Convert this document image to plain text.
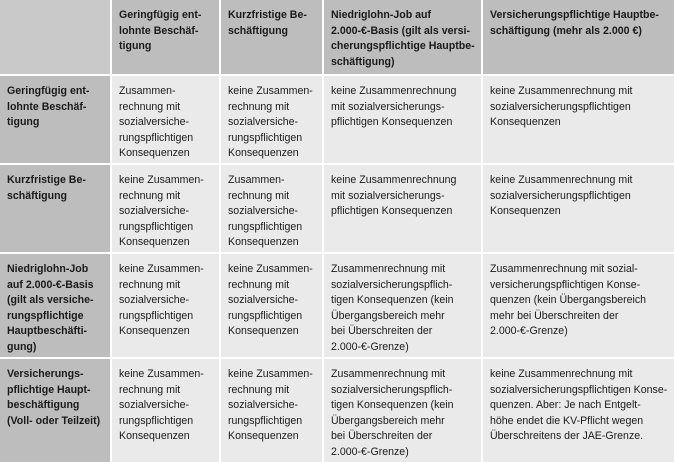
Geringfügig ent-
lohnte Beschäf-
tigung
Kurzfristige Be-
schäftigung
Niedriglohn-Job auf
2.000-€-Basis (gilt als versi-
cherungspflichtige Hauptbe-
schäftigung)
Versicherungspflichtige Hauptbe-
schäftigung (mehr als 2.000 €)
Geringfügig ent-
lohnte Beschäf-
tigung
Zusammen-
rechnung mit
sozialversiche-
rungspflichtigen
Konsequenzen
keine Zusammen-
rechnung mit
sozialversiche-
rungspflichtigen
Konsequenzen
keine Zusammenrechnung
mit sozialversicherungs-
pflichtigen Konsequenzen
keine Zusammenrechnung mit
sozialversicherungspflichtigen
Konsequenzen
Kurzfristige Be-
schäftigung
keine Zusammen-
rechnung mit
sozialversiche-
rungspflichtigen
Konsequenzen
Zusammen-
rechnung mit
sozialversiche-
rungspflichtigen
Konsequenzen
keine Zusammenrechnung
mit sozialversicherungs-
pflichtigen Konsequenzen
keine Zusammenrechnung mit
sozialversicherungspflichtigen
Konsequenzen
Niedriglohn-Job
auf 2.000-€-Basis
(gilt als versiche-
rungspflichtige
Hauptbeschäfti-
gung)
keine Zusammen-
rechnung mit
sozialversiche-
rungspflichtigen
Konsequenzen
keine Zusammen-
rechnung mit
sozialversiche-
rungspflichtigen
Konsequenzen
Zusammenrechnung mit
sozialversicherungspflich-
tigen Konsequenzen (kein
Übergangsbereich mehr
bei Überschreiten der
2.000-€-Grenze)
Zusammenrechnung mit sozial-
versicherungspflichtigen Konse-
quenzen (kein Übergangsbereich
mehr bei Überschreiten der
2.000-€-Grenze)
Versicherungs-
pflichtige Haupt-
beschäftigung
(Voll- oder Teilzeit)
keine Zusammen-
rechnung mit
sozialversiche-
rungspflichtigen
Konsequenzen
keine Zusammen-
rechnung mit
sozialversiche-
rungspflichtigen
Konsequenzen
Zusammenrechnung mit
sozialversicherungspflich-
tigen Konsequenzen (kein
Übergangsbereich mehr
bei Überschreiten der
2.000-€-Grenze)
keine Zusammenrechnung mit
sozialversicherungspflichtigen Konse-
quenzen. Aber: Je nach Entgelt-
höhe endet die KV-Pflicht wegen
Überschreitens der JAE-Grenze.
